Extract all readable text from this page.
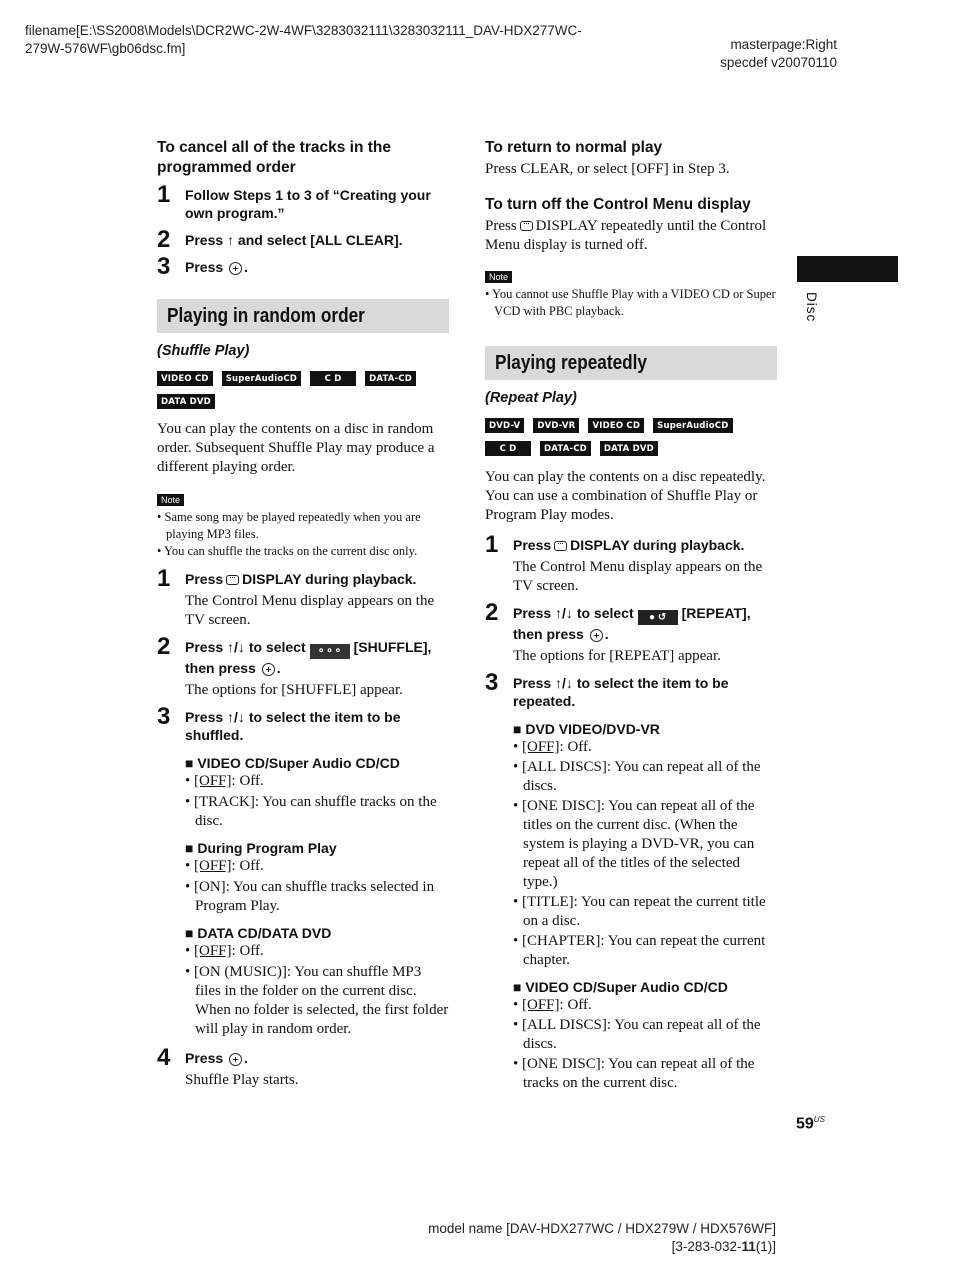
filename[E:\SS2008\Models\DCR2WC-2W-4WF\3283032111\3283032111_DAV-HDX277WC-
279W-576WF\gb06dsc.fm]	masterpage:Right
specdef v20070110
Disc

To cancel all of the tracks in the programmed order

1 Follow Steps 1 to 3 of “Creating your own program.”
2 Press ↑ and select [ALL CLEAR].
3 Press .
Playing in random order

(Shuffle Play)

VIDEO CD	SuperAudioCD	C D	DATA-CD
DATA DVD

You can play the contents on a disc in random order. Subsequent Shuffle Play may produce a different playing order.

Note

• Same song may be played repeatedly when you are playing MP3 files.

• You can shuffle the tracks on the current disc only.

1 Press DISPLAY during playback.
The Control Menu display appears on the TV screen.
2 Press ↑/↓ to select ⚬⚬⚬ [SHUFFLE],
then press .
The options for [SHUFFLE] appear.
3 Press ↑/↓ to select the item to be shuffled.

■ VIDEO CD/Super Audio CD/CD

• [OFF]: Off.

• [TRACK]: You can shuffle tracks on the disc.

■ During Program Play

• [OFF]: Off.

• [ON]: You can shuffle tracks selected in Program Play.

■ DATA CD/DATA DVD

• [OFF]: Off.

• [ON (MUSIC)]: You can shuffle MP3 files in the folder on the current disc. When no folder is selected, the first folder will play in random order.

4 Press .
Shuffle Play starts.

To return to normal play

Press CLEAR, or select [OFF] in Step 3.

To turn off the Control Menu display

Press DISPLAY repeatedly until the Control Menu display is turned off.

Note

• You cannot use Shuffle Play with a VIDEO CD or Super VCD with PBC playback.

Playing repeatedly

(Repeat Play)

DVD-V	DVD-VR	VIDEO CD	SuperAudioCD
C D	DATA-CD	DATA DVD

You can play the contents on a disc repeatedly. You can use a combination of Shuffle Play or Program Play modes.

1 Press DISPLAY during playback.
The Control Menu display appears on the TV screen.
2 Press ↑/↓ to select ● ↺ [REPEAT],
then press .
The options for [REPEAT] appear.
3 Press ↑/↓ to select the item to be repeated.

■ DVD VIDEO/DVD-VR

• [OFF]: Off.

• [ALL DISCS]: You can repeat all of the discs.

• [ONE DISC]: You can repeat all of the titles on the current disc. (When the system is playing a DVD-VR, you can repeat all of the titles of the selected type.)

• [TITLE]: You can repeat the current title on a disc.

• [CHAPTER]: You can repeat the current chapter.

■ VIDEO CD/Super Audio CD/CD

• [OFF]: Off.

• [ALL DISCS]: You can repeat all of the discs.

• [ONE DISC]: You can repeat all of the tracks on the current disc.

$59^{US}$
model name [DAV-HDX277WC / HDX279W / HDX576WF]
[3-283-032-11(1)]
